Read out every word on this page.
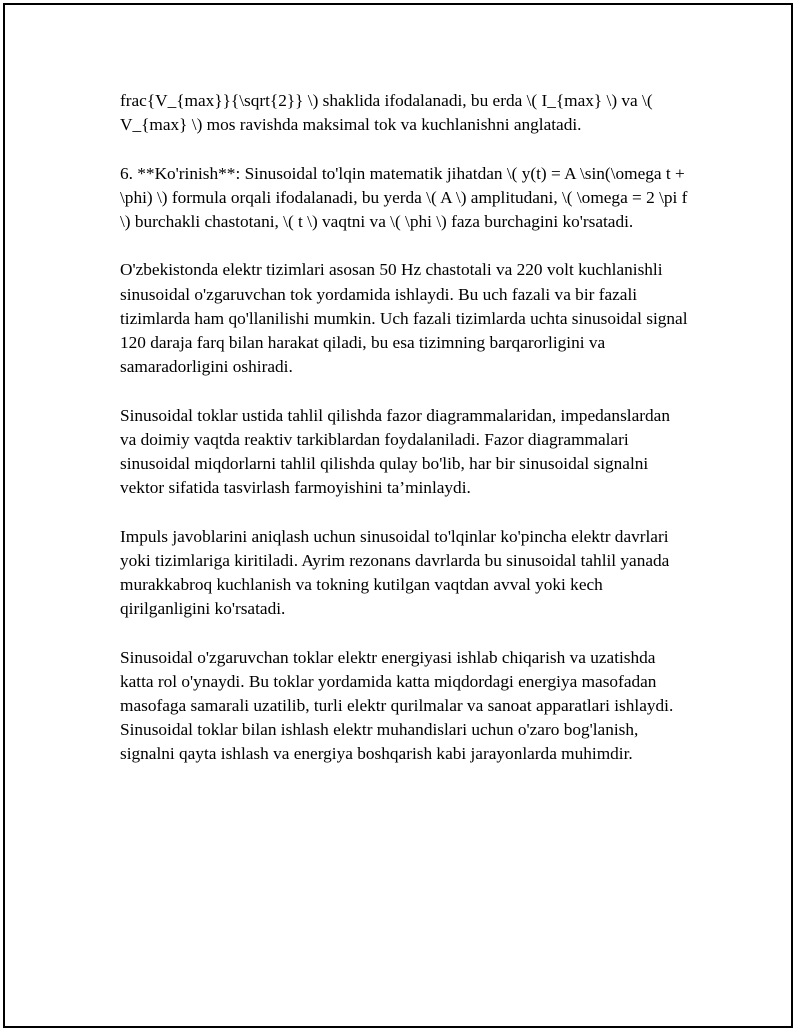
frac{V_{max}}{\sqrt{2}} \) shaklida ifodalanadi, bu erda \( I_{max} \) va \( V_{max} \) mos ravishda maksimal tok va kuchlanishni anglatadi.

6. **Ko'rinish**: Sinusoidal to'lqin matematik jihatdan \( y(t) = A \sin(\omega t + \phi) \) formula orqali ifodalanadi, bu yerda \( A \) amplitudani, \( \omega = 2 \pi f \) burchakli chastotani, \( t \) vaqtni va \( \phi \) faza burchagini ko'rsatadi.

O'zbekistonda elektr tizimlari asosan 50 Hz chastotali va 220 volt kuchlanishli sinusoidal o'zgaruvchan tok yordamida ishlaydi. Bu uch fazali va bir fazali tizimlarda ham qo'llanilishi mumkin. Uch fazali tizimlarda uchta sinusoidal signal 120 daraja farq bilan harakat qiladi, bu esa tizimning barqarorligini va samaradorligini oshiradi.

Sinusoidal toklar ustida tahlil qilishda fazor diagrammalaridan, impedanslardan va doimiy vaqtda reaktiv tarkiblardan foydalaniladi. Fazor diagrammalari sinusoidal miqdorlarni tahlil qilishda qulay bo'lib, har bir sinusoidal signalni vektor sifatida tasvirlash farmoyishini ta’minlaydi.

Impuls javoblarini aniqlash uchun sinusoidal to'lqinlar ko'pincha elektr davrlari yoki tizimlariga kiritiladi. Ayrim rezonans davrlarda bu sinusoidal tahlil yanada murakkabroq kuchlanish va tokning kutilgan vaqtdan avval yoki kech qirilganligini ko'rsatadi.

Sinusoidal o'zgaruvchan toklar elektr energiyasi ishlab chiqarish va uzatishda katta rol o'ynaydi. Bu toklar yordamida katta miqdordagi energiya masofadan masofaga samarali uzatilib, turli elektr qurilmalar va sanoat apparatlari ishlaydi. Sinusoidal toklar bilan ishlash elektr muhandislari uchun o'zaro bog'lanish, signalni qayta ishlash va energiya boshqarish kabi jarayonlarda muhimdir.
